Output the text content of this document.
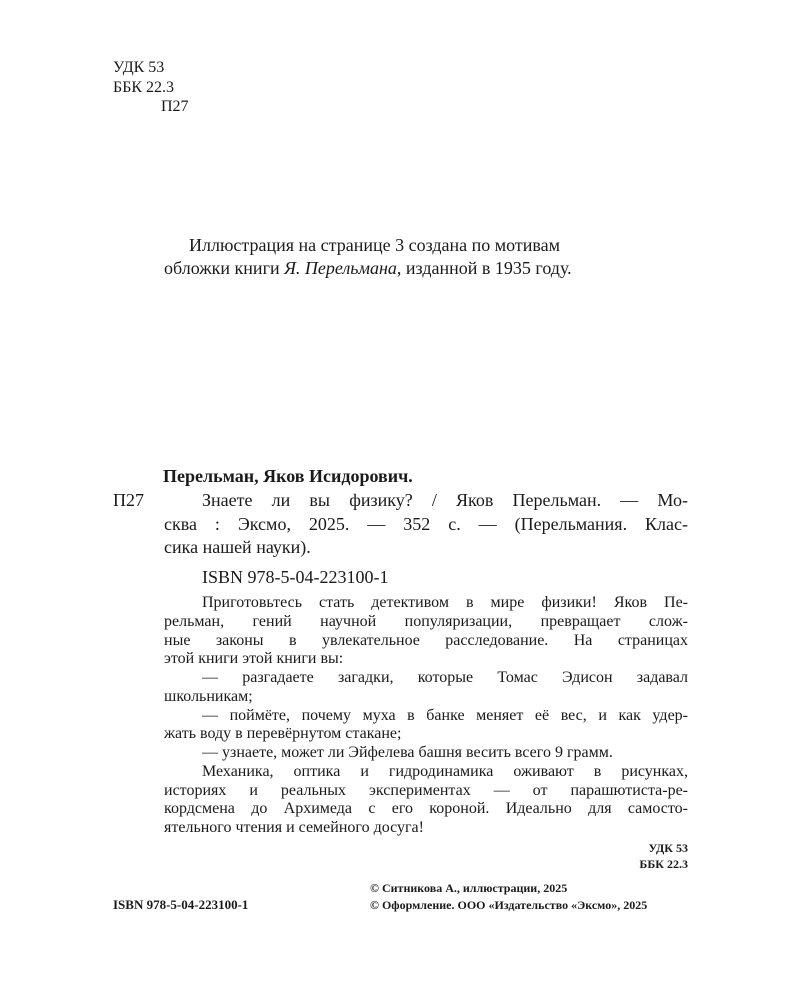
УДК 53
ББК 22.3
П27
Иллюстрация на странице 3 создана по мотивам
обложки книги Я. Перельмана, изданной в 1935 году.
Перельман, Яков Исидорович.
П27	Знаете ли вы физику? / Яков Перельман. — Мо-
сква : Эксмо, 2025. — 352 с. — (Перельмания. Клас-
сика нашей науки).
ISBN 978-5-04-223100-1
Приготовьтесь стать детективом в мире физики! Яков Пе-
рельман, гений научной популяризации, превращает слож-
ные законы в увлекательное расследование. На страницах
этой книги этой книги вы:
— разгадаете загадки, которые Томас Эдисон задавал
школьникам;
— поймёте, почему муха в банке меняет её вес, и как удер-
жать воду в перевёрнутом стакане;
— узнаете, может ли Эйфелева башня весить всего 9 грамм.
Механика, оптика и гидродинамика оживают в рисунках,
историях и реальных экспериментах — от парашютиста-ре-
кордсмена до Архимеда с его короной. Идеально для самосто-
ятельного чтения и семейного досуга!
УДК 53
ББК 22.3
© Ситникова А., иллюстрации, 2025
© Оформление. ООО «Издательство «Эксмо», 2025
ISBN 978-5-04-223100-1
